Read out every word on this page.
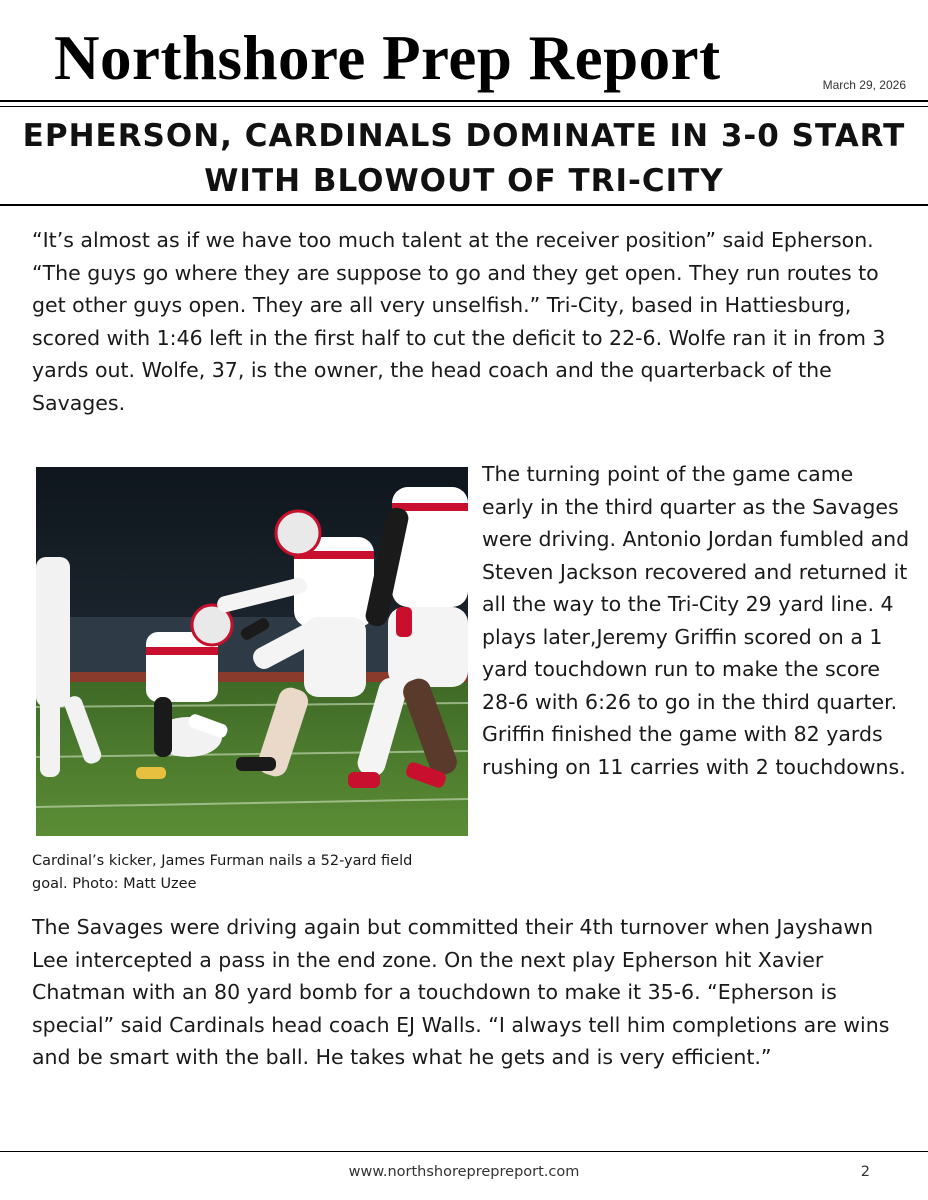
Northshore Prep Report	March 29, 2026
EPHERSON, CARDINALS DOMINATE IN 3-0 START
WITH BLOWOUT OF TRI-CITY

“It’s almost as if we have too much talent at the receiver position” said Epherson. “The guys go where they are suppose to go and they get open. They run routes to get other guys open. They are all very unselfish.” Tri-City, based in Hattiesburg, scored with 1:46 left in the first half to cut the deficit to 22-6. Wolfe ran it in from 3 yards out. Wolfe, 37, is the owner, the head coach and the quarterback of the Savages.

The turning point of the game came early in the third quarter as the Savages were driving. Antonio Jordan fumbled and Steven Jackson recovered and returned it all the way to the Tri-City 29 yard line. 4 plays later,Jeremy Griffin scored on a 1 yard touchdown run to make the score 28-6 with 6:26 to go in the third quarter. Griffin finished the game with 82 yards rushing on 11 carries with 2 touchdowns.

Cardinal’s kicker, James Furman nails a 52-yard field goal. Photo: Matt Uzee

The Savages were driving again but committed their 4th turnover when Jayshawn Lee intercepted a pass in the end zone. On the next play Epherson hit Xavier Chatman with an 80 yard bomb for a touchdown to make it 35-6. “Epherson is special” said Cardinals head coach EJ Walls. “I always tell him completions are wins and be smart with the ball. He takes what he gets and is very efficient.”

www.northshoreprepreport.com	2
